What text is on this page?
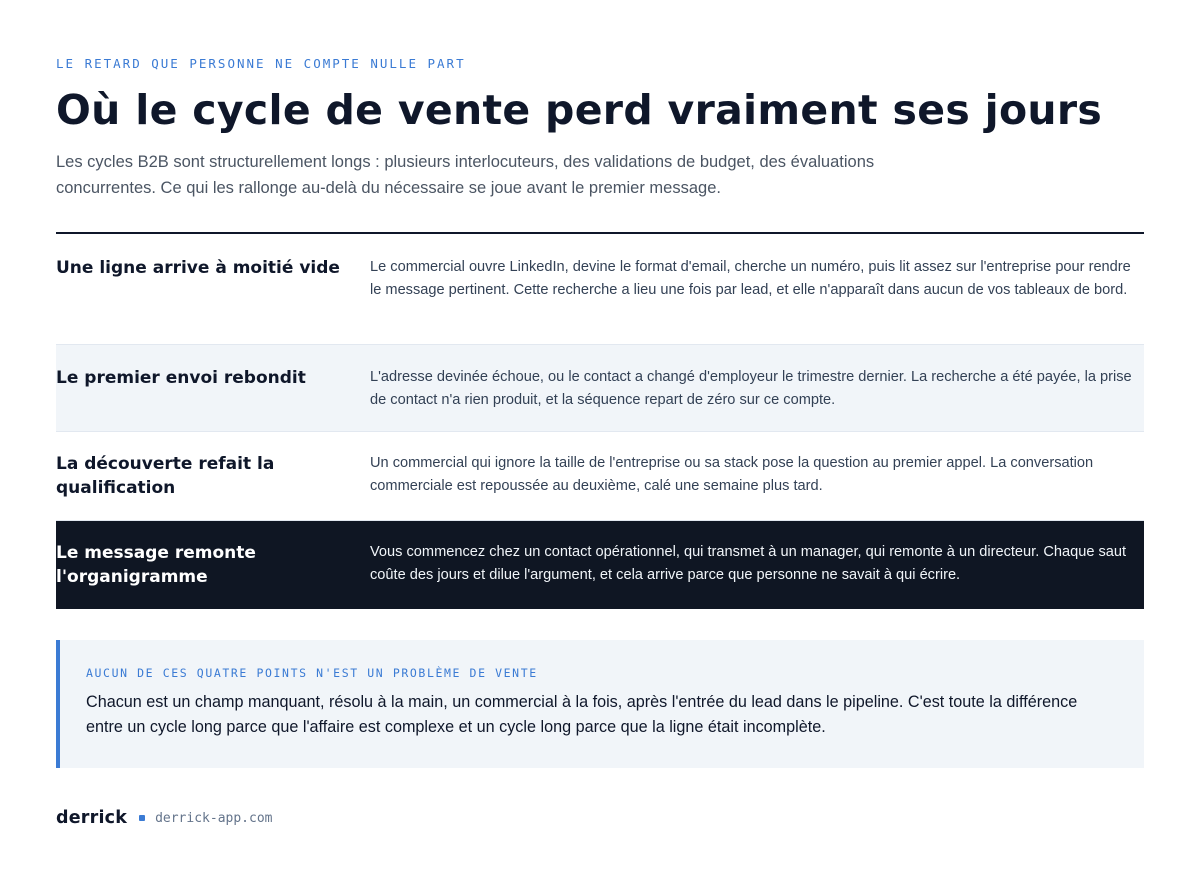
LE RETARD QUE PERSONNE NE COMPTE NULLE PART
Où le cycle de vente perd vraiment ses jours

Les cycles B2B sont structurellement longs : plusieurs interlocuteurs, des validations de budget, des évaluations concurrentes. Ce qui les rallonge au-delà du nécessaire se joue avant le premier message.

Une ligne arrive à moitié vide	Le commercial ouvre LinkedIn, devine le format d'email, cherche un numéro, puis lit assez sur l'entreprise pour rendre le message pertinent. Cette recherche a lieu une fois par lead, et elle n'apparaît dans aucun de vos tableaux de bord.
Le premier envoi rebondit	L'adresse devinée échoue, ou le contact a changé d'employeur le trimestre dernier. La recherche a été payée, la prise de contact n'a rien produit, et la séquence repart de zéro sur ce compte.
La découverte refait la qualification
Un commercial qui ignore la taille de l'entreprise ou sa stack pose la question au premier appel. La conversation commerciale est repoussée au deuxième, calé une semaine plus tard.
Le message remonte l'organigramme
Vous commencez chez un contact opérationnel, qui transmet à un manager, qui remonte à un directeur. Chaque saut coûte des jours et dilue l'argument, et cela arrive parce que personne ne savait à qui écrire.
AUCUN DE CES QUATRE POINTS N'EST UN PROBLÈME DE VENTE

Chacun est un champ manquant, résolu à la main, un commercial à la fois, après l'entrée du lead dans le pipeline. C'est toute la différence entre un cycle long parce que l'affaire est complexe et un cycle long parce que la ligne était incomplète.

derrick derrick-app.com
